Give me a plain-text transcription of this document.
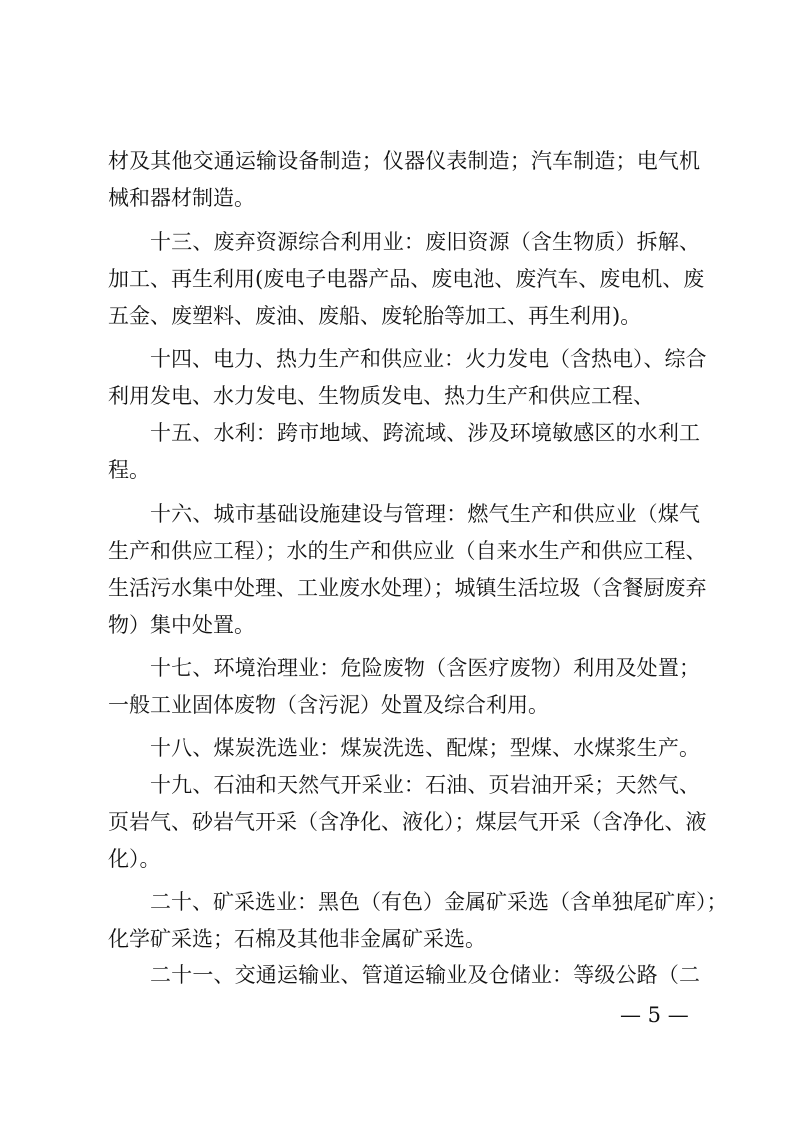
材及其他交通运输设备制造；仪器仪表制造；汽车制造；电气机
械和器材制造。
十三、废弃资源综合利用业：废旧资源（含生物质）拆解、
加工、再生利用(废电子电器产品、废电池、废汽车、废电机、废
五金、废塑料、废油、废船、废轮胎等加工、再生利用)。
十四、电力、热力生产和供应业：火力发电（含热电）、综合
利用发电、水力发电、生物质发电、热力生产和供应工程、
十五、水利：跨市地域、跨流域、涉及环境敏感区的水利工
程。
十六、城市基础设施建设与管理：燃气生产和供应业（煤气
生产和供应工程）；水的生产和供应业（自来水生产和供应工程、
生活污水集中处理、工业废水处理）；城镇生活垃圾（含餐厨废弃
物）集中处置。
十七、环境治理业：危险废物（含医疗废物）利用及处置；
一般工业固体废物（含污泥）处置及综合利用。
十八、煤炭洗选业：煤炭洗选、配煤；型煤、水煤浆生产。
十九、石油和天然气开采业：石油、页岩油开采；天然气、
页岩气、砂岩气开采（含净化、液化）；煤层气开采（含净化、液
化）。
二十、矿采选业：黑色（有色）金属矿采选（含单独尾矿库）；
化学矿采选；石棉及其他非金属矿采选。
二十一、交通运输业、管道运输业及仓储业：等级公路（二
— 5 —
